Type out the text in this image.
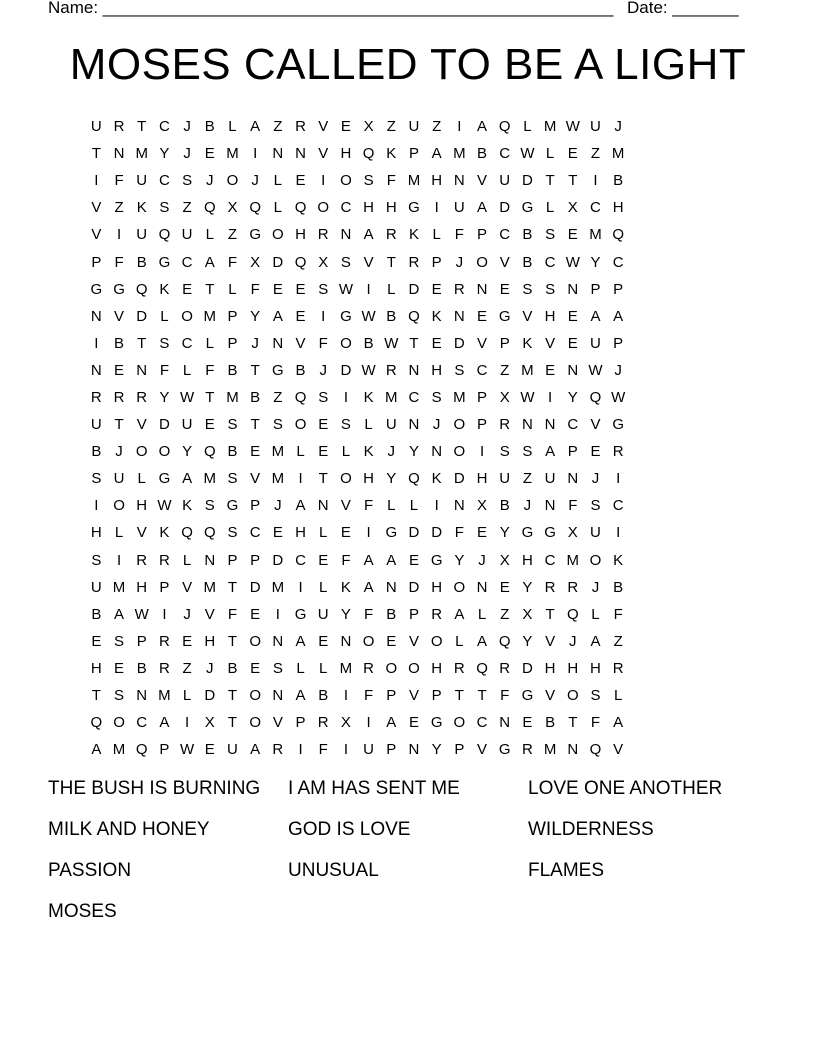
Name: ______________________________________________________ Date: _______
MOSES CALLED TO BE A LIGHT
U R T C J B L A Z R V E X Z U Z	I	A Q L M W U J
T N M Y J E M I	N N V H Q K P A M B C W L E Z M
I	F U C S J O J L E	I O S F M H N V U D T T	I	B
V Z K S Z Q X Q L Q O C H H G I	U A D G L X C H
V	I	U Q U L Z G O H R N A R K L F P C B S E M Q
P F B G C A F X D Q X S V T R P J O V B C W Y C
G G Q K E T L F E E S W I	L D E R N E S S N P P
N V D L O M P Y A E	I G W B Q K N E G V H E A A
I	B T S C L P J N V F O B W T E D V P K V E U P
N E N F L F B T G B J D W R N H S C Z M E N W J
R R R Y W T M B Z Q S	I	K M C S M P X W I	Y Q W
U T V D U E S T S O E S L U N J O P R N N C V G
B J O O Y Q B E M L E L K J Y N O I	S S A P E R
S U L G A M S V M I	T O H Y Q K D H U Z U N J	I
I O H W K S G P J A N V F L L	I	N X B J N F S C
H L V K Q Q S C E H L E	I G D D F E Y G G X U	I
S	I	R R L N P P D C E F A A E G Y J X H C M O K
U M H P V M T D M I	L K A N D H O N E Y R R J B
B A W I	J V F E	I G U Y F B P R A L Z X T Q L F
E S P R E H T O N A E N O E V O L A Q Y V J A Z
H E B R Z J B E S L L M R O O H R Q R D H H H R
T S N M L D T O N A B	I	F P V P T T F G V O S L
Q O C A	I	X T O V P R X	I	A E G O C N E B T F A
A M Q P W E U A R	I	F	I	U P N Y P V G R M N Q V
THE BUSH IS BURNING	I AM HAS SENT ME	LOVE ONE ANOTHER
MILK AND HONEY	GOD IS LOVE	WILDERNESS
PASSION	UNUSUAL	FLAMES
MOSES
